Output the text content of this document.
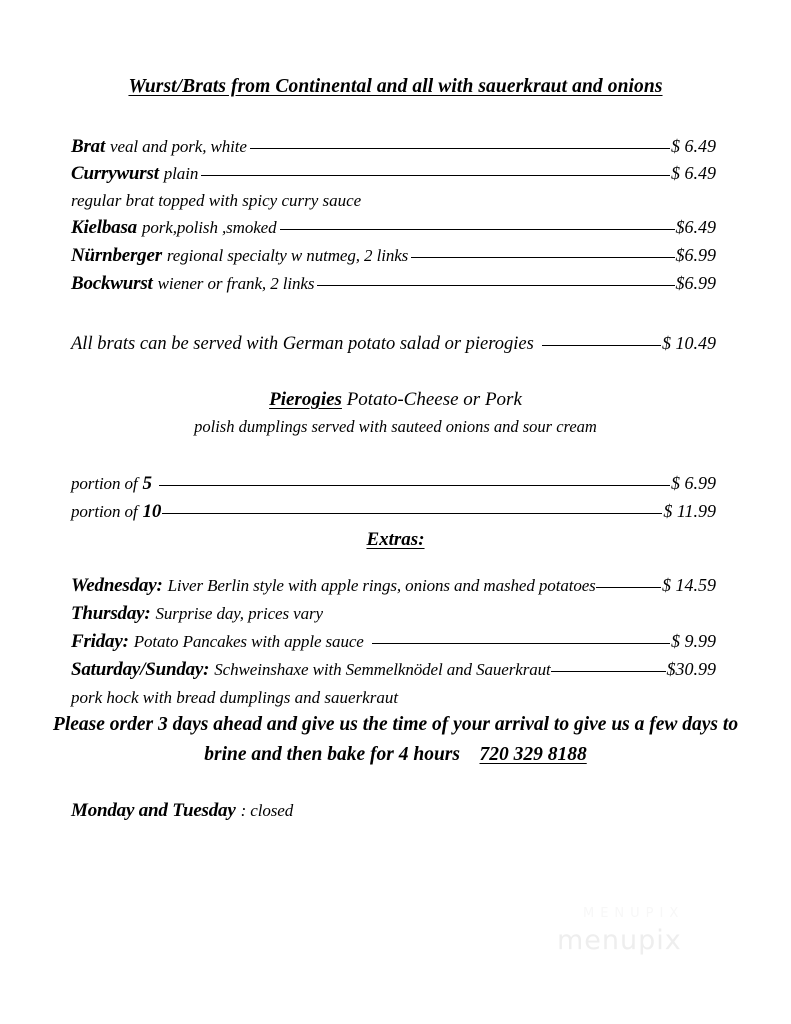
Wurst/Brats from Continental and all with sauerkraut and onions
Brat veal and pork, white	$ 6.49
Currywurst plain	$ 6.49
regular brat topped with spicy curry sauce
Kielbasa pork,polish ,smoked	$6.49
Nürnberger regional specialty w nutmeg, 2 links	$6.99
Bockwurst wiener or frank, 2 links	$6.99
All brats can be served with German potato salad or pierogies	$ 10.49
Pierogies Potato-Cheese or Pork
polish dumplings served with sauteed onions and sour cream
portion of 5	$ 6.99
portion of 10	$ 11.99
Extras:
Wednesday: Liver Berlin style with apple rings, onions and mashed potatoes	$ 14.59
Thursday: Surprise day, prices vary
Friday: Potato Pancakes with apple sauce	$ 9.99
Saturday/Sunday: Schweinshaxe with Semmelknödel and Sauerkraut	$30.99
pork hock with bread dumplings and sauerkraut
Please order 3 days ahead and give us the time of your arrival to give us a few days to
brine and then bake for 4 hours 720 329 8188
Monday and Tuesday : closed
MENUPIX
menupix
